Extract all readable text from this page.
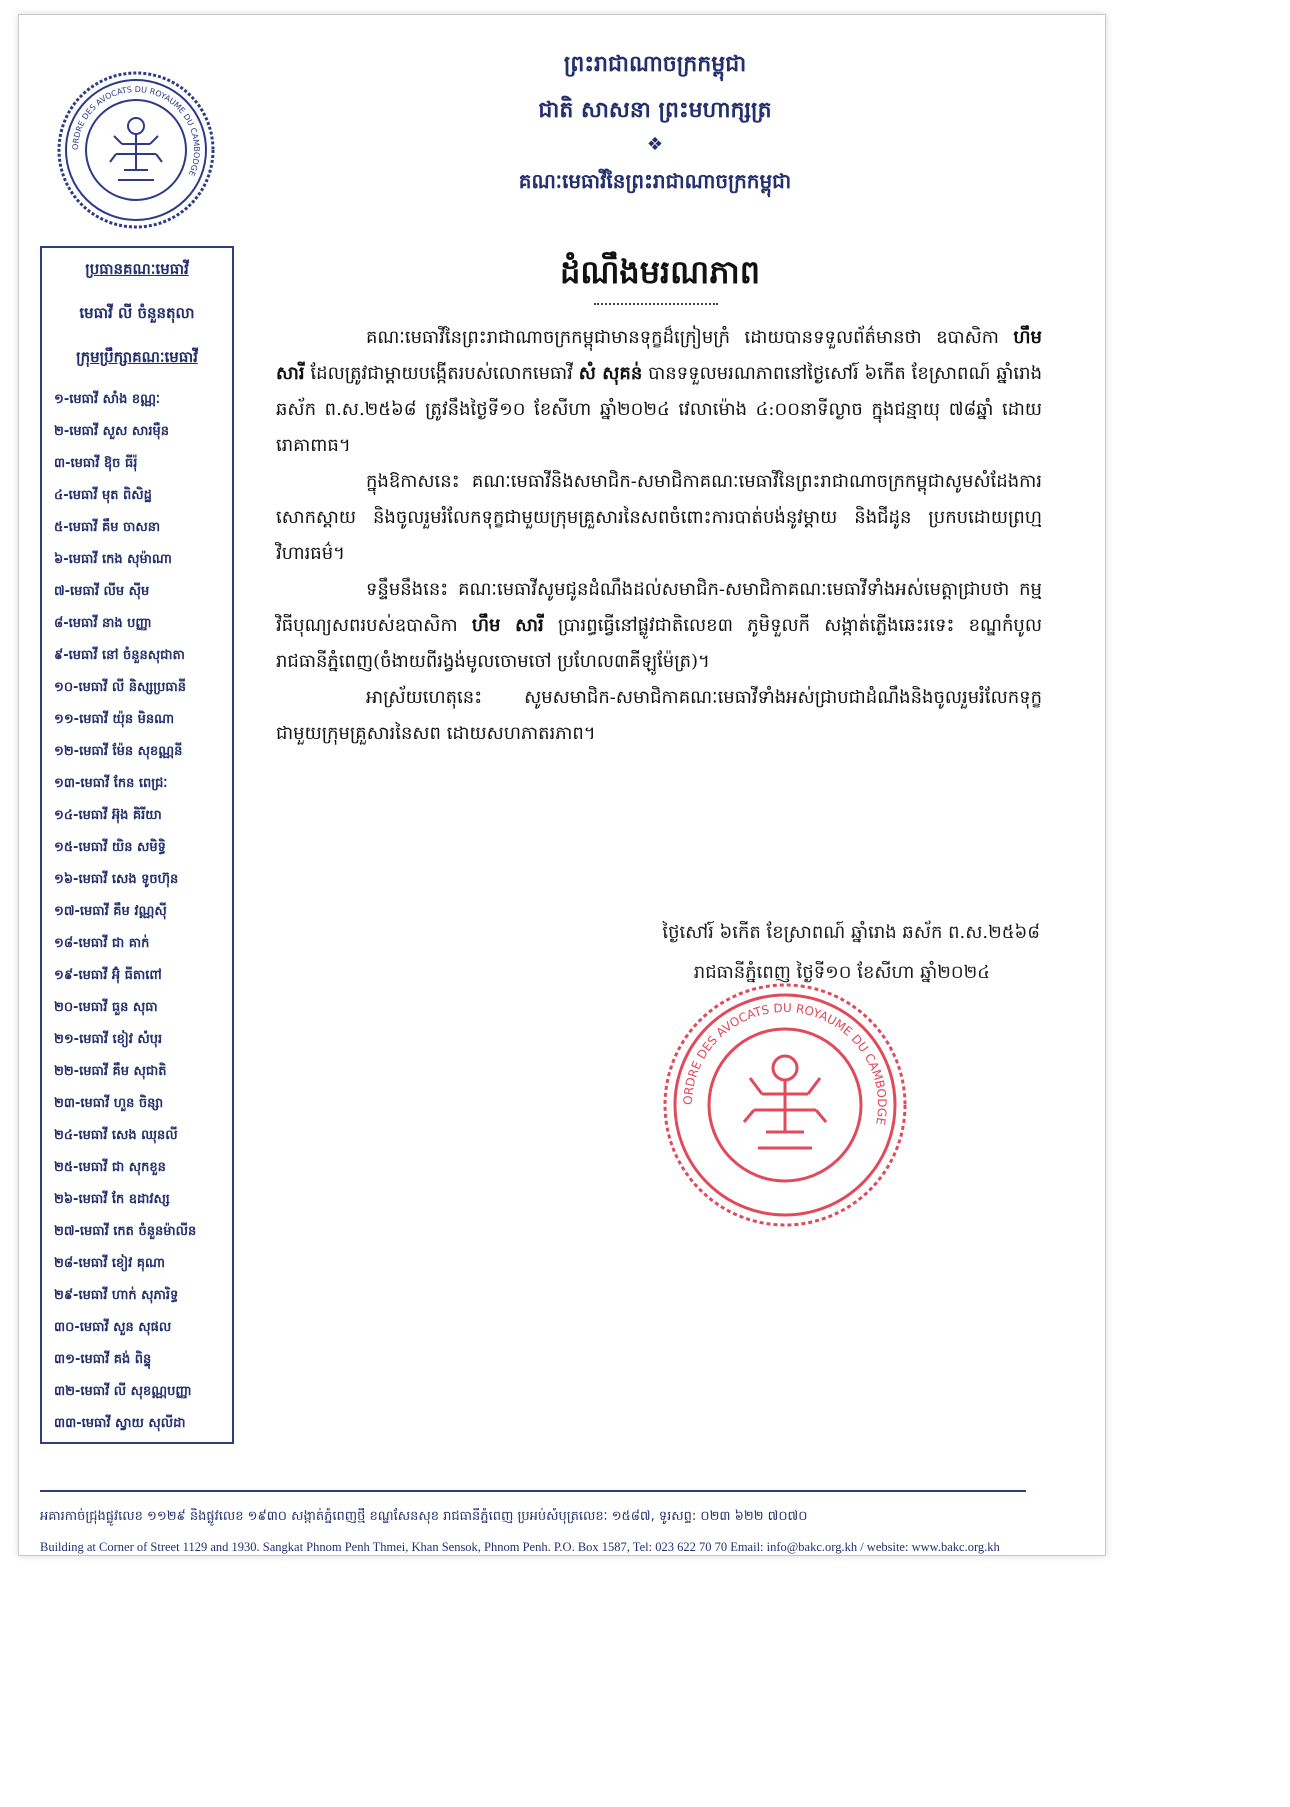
ORDRE DES AVOCATS DU ROYAUME DU CAMBODGE
ព្រះរាជាណាចក្រកម្ពុជា
ជាតិ សាសនា ព្រះមហាក្សត្រ
❖
គណៈមេធាវីនៃព្រះរាជាណាចក្រកម្ពុជា
ដំណឹងមរណភាព
ប្រធានគណៈមេធាវី
មេធាវី លី ចំនួនតុលា
ក្រុមប្រឹក្សាគណៈមេធាវី
១-មេធាវី សាំង ខណ្ណៈ
២-មេធាវី សួស សារម៉ឺន
៣-មេធាវី ឱុច ធីរ៉ុ
៤-មេធាវី មុត ពិសិដ្ឋ
៥-មេធាវី គឹម ចាសនា
៦-មេធាវី កេង សុម៉ាណា
៧-មេធាវី លីម ស៊ីម
៨-មេធាវី នាង បញ្ញា
៩-មេធាវី នៅ ចំនួនសុជាតា
១០-មេធាវី លី និស្សប្រធានី
១១-មេធាវី យ៉ុន មិនណា
១២-មេធាវី ម៉ែន សុខណ្ណនី
១៣-មេធាវី កែន ពេជ្រៈ
១៤-មេធាវី អ៊ុង គិរីយា
១៥-មេធាវី យិន សមិទ្ធិ
១៦-មេធាវី សេង ទូចហ៊ុន
១៧-មេធាវី គឹម វណ្ណស៊ី
១៨-មេធាវី ជា គាក់
១៩-មេធាវី អ៊ុំ ធីតាពៅ
២០-មេធាវី ធួន សុធា
២១-មេធាវី ខៀវ សំបុរ
២២-មេធាវី គឹម សុជាតិ
២៣-មេធាវី ហួន ចិន្សា
២៤-មេធាវី សេង ឈុនលី
២៥-មេធាវី ជា សុកខួន
២៦-មេធាវី កែ ឧដាវស្ស
២៧-មេធាវី កេត ចំនួនម៉ាលីន
២៨-មេធាវី ខៀវ គុណា
២៩-មេធាវី ហាក់ សុភារិទ្ធ
៣០-មេធាវី សួន សុផល
៣១-មេធាវី គង់ ពិន្ទុ
៣២-មេធាវី លី សុខណ្ណបញ្ញា
៣៣-មេធាវី ស្វាយ សុលីដា

គណៈមេធាវីនៃព្រះរាជាណាចក្រកម្ពុជាមានទុក្ខដ៏ក្រៀមក្រំ ដោយបានទទួលព័ត៌មានថា ឧបាសិកា ហឹម សារី ដែលត្រូវជាម្ដាយបង្កើតរបស់លោកមេធាវី សំ សុគន់ បានទទួលមរណភាពនៅថ្ងៃសៅរ៍ ៦កើត ខែស្រាពណ៍ ឆ្នាំរោង ឆស័ក ព.ស.២៥៦៨ ត្រូវនឹងថ្ងៃទី១០ ខែសីហា ឆ្នាំ២០២៤ វេលាម៉ោង ៤:០០នាទីល្ងាច ក្នុងជន្មាយុ ៧៨ឆ្នាំ ដោយរោគាពាធ។

ក្នុងឱកាសនេះ គណៈមេធាវីនិងសមាជិក-សមាជិកាគណៈមេធាវីនៃព្រះរាជាណាចក្រកម្ពុជាសូមសំដែងការសោកស្ដាយ និងចូលរួមរំលែកទុក្ខជាមួយក្រុមគ្រួសារនៃសពចំពោះការបាត់បង់នូវម្ដាយ និងជីដូន ប្រកបដោយព្រហ្មវិហារធម៌។

ទន្ទឹមនឹងនេះ គណៈមេធាវីសូមជូនដំណឹងដល់សមាជិក-សមាជិកាគណៈមេធាវីទាំងអស់មេត្តាជ្រាបថា កម្មវិធីបុណ្យសពរបស់ឧបាសិកា ហឹម សារី ប្រារព្ធធ្វើនៅផ្លូវជាតិលេខ៣ ភូមិទួលកី សង្កាត់ភ្លើងឆេះរទេះ ខណ្ឌកំបូល រាជធានីភ្នំពេញ(ចំងាយពីរង្វង់មូលចោមចៅ ប្រហែល៣គីឡូម៉ែត្រ)។

អាស្រ័យហេតុនេះ សូមសមាជិក-សមាជិកាគណៈមេធាវីទាំងអស់ជ្រាបជាដំណឹងនិងចូលរួមរំលែកទុក្ខជាមួយក្រុមគ្រួសារនៃសព ដោយសហភាតរភាព។

ថ្ងៃសៅរ៍ ៦កើត ខែស្រាពណ៍ ឆ្នាំរោង ឆស័ក ព.ស.២៥៦៨
រាជធានីភ្នំពេញ ថ្ងៃទី១០ ខែសីហា ឆ្នាំ២០២៤
ORDRE DES AVOCATS DU ROYAUME DU CAMBODGE
អគារកាច់ជ្រុងផ្លូវលេខ ១១២៩ និងផ្លូវលេខ ១៩៣០ សង្កាត់ភ្នំពេញថ្មី ខណ្ឌសែនសុខ រាជធានីភ្នំពេញ ប្រអប់សំបុត្រលេខៈ ១៥៨៧, ទូរសព្ទ: ០២៣ ៦២២ ៧០៧០
Building at Corner of Street 1129 and 1930. Sangkat Phnom Penh Thmei, Khan Sensok, Phnom Penh. P.O. Box 1587, Tel: 023 622 70 70 Email: info@bakc.org.kh / website: www.bakc.org.kh
